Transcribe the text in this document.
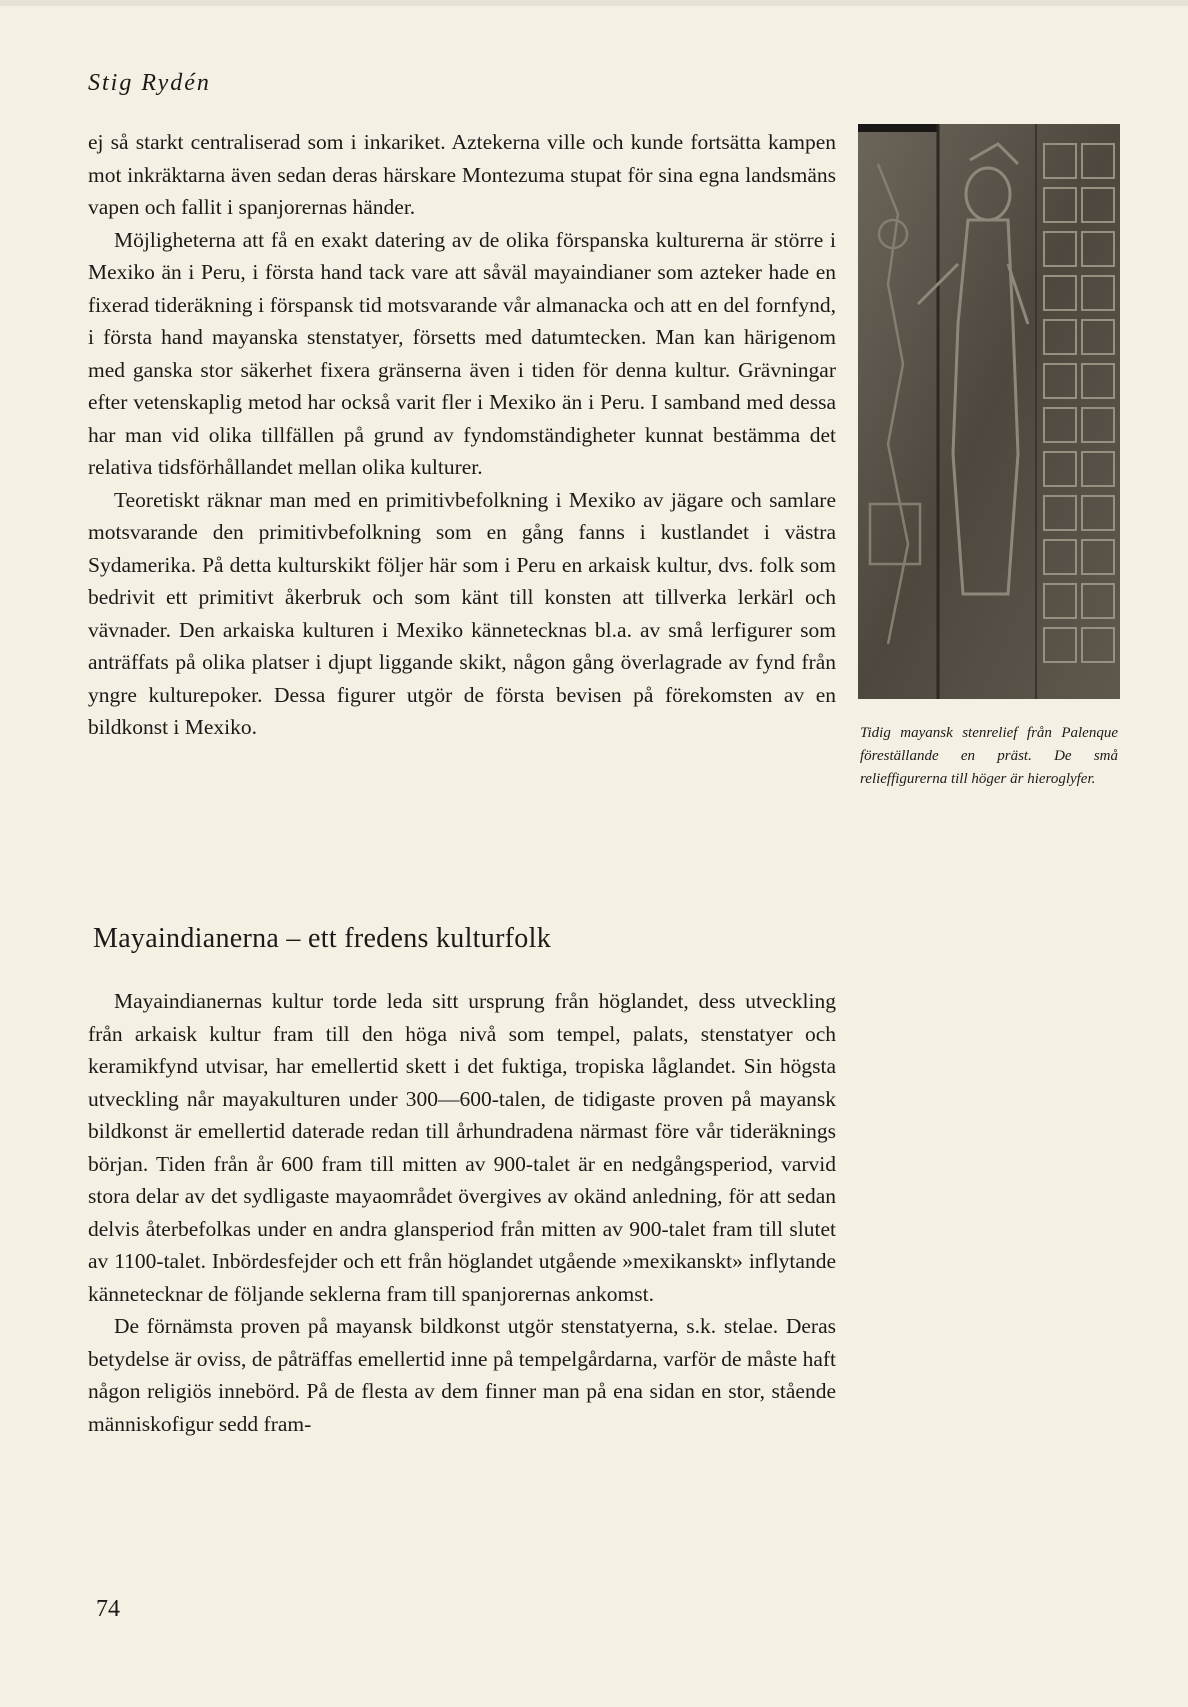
Stig Rydén

ej så starkt centraliserad som i inkariket. Aztekerna ville och kunde fortsätta kampen mot inkräktarna även sedan deras härskare Montezuma stupat för sina egna landsmäns vapen och fallit i spanjorernas händer.

Möjligheterna att få en exakt datering av de olika förspanska kulturerna är större i Mexiko än i Peru, i första hand tack vare att såväl mayaindianer som azteker hade en fixerad tideräkning i förspansk tid motsvarande vår almanacka och att en del fornfynd, i första hand mayanska stenstatyer, försetts med datumtecken. Man kan härigenom med ganska stor säkerhet fixera gränserna även i tiden för denna kultur. Grävningar efter vetenskaplig metod har också varit fler i Mexiko än i Peru. I samband med dessa har man vid olika tillfällen på grund av fyndomständigheter kunnat bestämma det relativa tidsförhållandet mellan olika kulturer.

Teoretiskt räknar man med en primitivbefolkning i Mexiko av jägare och samlare motsvarande den primitivbefolkning som en gång fanns i kustlandet i västra Sydamerika. På detta kulturskikt följer här som i Peru en arkaisk kultur, dvs. folk som bedrivit ett primitivt åkerbruk och som känt till konsten att tillverka lerkärl och vävnader. Den arkaiska kulturen i Mexiko kännetecknas bl.a. av små lerfigurer som anträffats på olika platser i djupt liggande skikt, någon gång överlagrade av fynd från yngre kulturepoker. Dessa figurer utgör de första bevisen på förekomsten av en bildkonst i Mexiko.	Tidig mayansk stenrelief från Palenque föreställande en präst. De små relieffigurerna till höger är hieroglyfer.
Mayaindianerna – ett fredens kulturfolk

Mayaindianernas kultur torde leda sitt ursprung från höglandet, dess utveckling från arkaisk kultur fram till den höga nivå som tempel, palats, stenstatyer och keramikfynd utvisar, har emellertid skett i det fuktiga, tropiska låglandet. Sin högsta utveckling når mayakulturen under 300—600-talen, de tidigaste proven på mayansk bildkonst är emellertid daterade redan till århundradena närmast före vår tideräknings början. Tiden från år 600 fram till mitten av 900-talet är en nedgångsperiod, varvid stora delar av det sydligaste mayaområdet övergives av okänd anledning, för att sedan delvis återbefolkas under en andra glansperiod från mitten av 900-talet fram till slutet av 1100-talet. Inbördesfejder och ett från höglandet utgående »mexikanskt» inflytande kännetecknar de följande seklerna fram till spanjorernas ankomst.

De förnämsta proven på mayansk bildkonst utgör stenstatyerna, s.k. stelae. Deras betydelse är oviss, de påträffas emellertid inne på tempelgårdarna, varför de måste haft någon religiös innebörd. På de flesta av dem finner man på ena sidan en stor, stående människofigur sedd fram-

74
